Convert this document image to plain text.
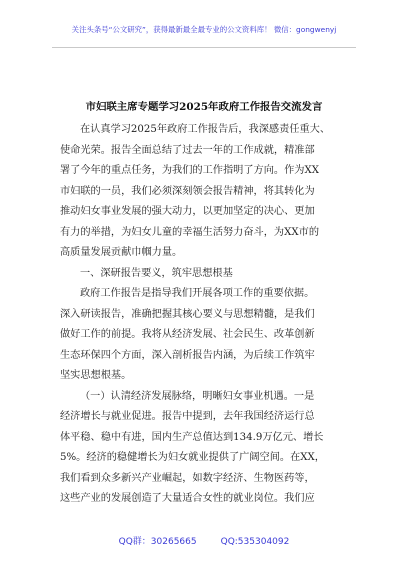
关注头条号“公文研究”，获得最新最全最专业的公文资料库！ 微信：gongwenyj
市妇联主席专题学习2025年政府工作报告交流发言
在认真学习2025年政府工作报告后，我深感责任重大、
使命光荣。报告全面总结了过去一年的工作成就，精准部
署了今年的重点任务，为我们的工作指明了方向。作为XX
市妇联的一员，我们必须深刻领会报告精神，将其转化为
推动妇女事业发展的强大动力，以更加坚定的决心、更加
有力的举措，为妇女儿童的幸福生活努力奋斗，为XX市的
高质量发展贡献巾帼力量。
一、深研报告要义，筑牢思想根基
政府工作报告是指导我们开展各项工作的重要依据。
深入研读报告，准确把握其核心要义与思想精髓，是我们
做好工作的前提。我将从经济发展、社会民生、改革创新
生态环保四个方面，深入剖析报告内涵，为后续工作筑牢
坚实思想根基。
（一）认清经济发展脉络，明晰妇女事业机遇。一是
经济增长与就业促进。报告中提到，去年我国经济运行总
体平稳、稳中有进，国内生产总值达到134.9万亿元、增长
5%。经济的稳健增长为妇女就业提供了广阔空间。在XX，
我们看到众多新兴产业崛起，如数字经济、生物医药等，
这些产业的发展创造了大量适合女性的就业岗位。我们应
QQ群：30265665	QQ:535304092
